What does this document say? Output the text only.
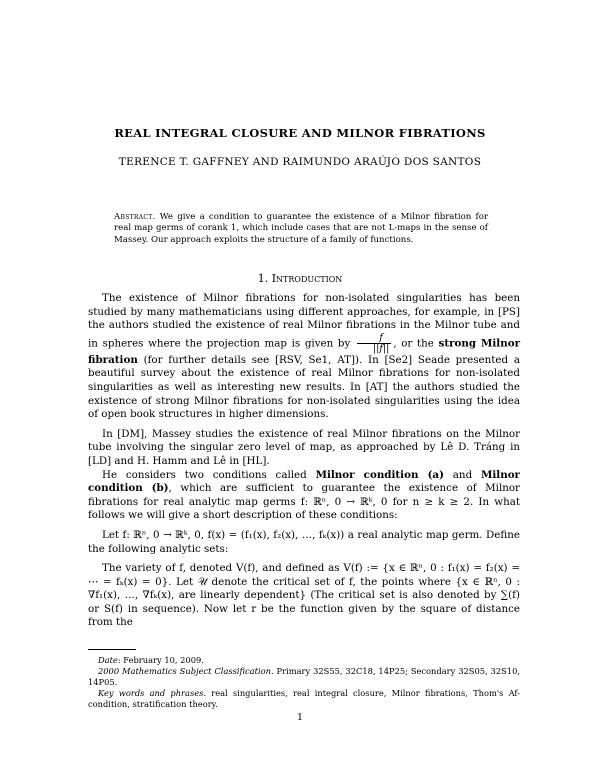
REAL INTEGRAL CLOSURE AND MILNOR FIBRATIONS
TERENCE T. GAFFNEY AND RAIMUNDO ARAÚJO DOS SANTOS
Abstract. We give a condition to guarantee the existence of a Milnor fibration for real map germs of corank 1, which include cases that are not L-maps in the sense of Massey. Our approach exploits the structure of a family of functions.
1. Introduction

The existence of Milnor fibrations for non-isolated singularities has been studied by many mathematicians using different approaches, for example, in [PS] the authors studied the existence of real Milnor fibrations in the Milnor tube and in spheres where the projection map is given by $\frac{f}{||f||}$ , or the strong Milnor fibration (for further details see [RSV, Se1, AT]). In [Se2] Seade presented a beautiful survey about the existence of real Milnor fibrations for non-isolated singularities as well as interesting new results. In [AT] the authors studied the existence of strong Milnor fibrations for non-isolated singularities using the idea of open book structures in higher dimensions.

In [DM], Massey studies the existence of real Milnor fibrations on the Milnor tube involving the singular zero level of map, as approached by Lê D. Tráng in [LD] and H. Hamm and Lê in [HL].

He considers two conditions called Milnor condition (a) and Milnor condition (b), which are sufficient to guarantee the existence of Milnor fibrations for real analytic map germs f: ℝⁿ, 0 → ℝᵏ, 0 for n ≥ k ≥ 2. In what follows we will give a short description of these conditions:

Let f: ℝⁿ, 0 → ℝᵏ, 0, f(x) = (f₁(x), f₂(x), …, fₖ(x)) a real analytic map germ. Define the following analytic sets:

The variety of f, denoted V(f), and defined as V(f) := {x ∈ ℝⁿ, 0 : f₁(x) = f₂(x) = ⋯ = fₖ(x) = 0}. Let 𝒰 denote the critical set of f, the points where {x ∈ ℝⁿ, 0 : ∇f₁(x), …, ∇fₖ(x), are linearly dependent} (The critical set is also denoted by ∑(f) or S(f) in sequence). Now let r be the function given by the square of distance from the

Date: February 10, 2009.

2000 Mathematics Subject Classification. Primary 32S55, 32C18, 14P25; Secondary 32S05, 32S10, 14P05.

Key words and phrases. real singularities, real integral closure, Milnor fibrations, Thom's Af-condition, stratification theory.

1
